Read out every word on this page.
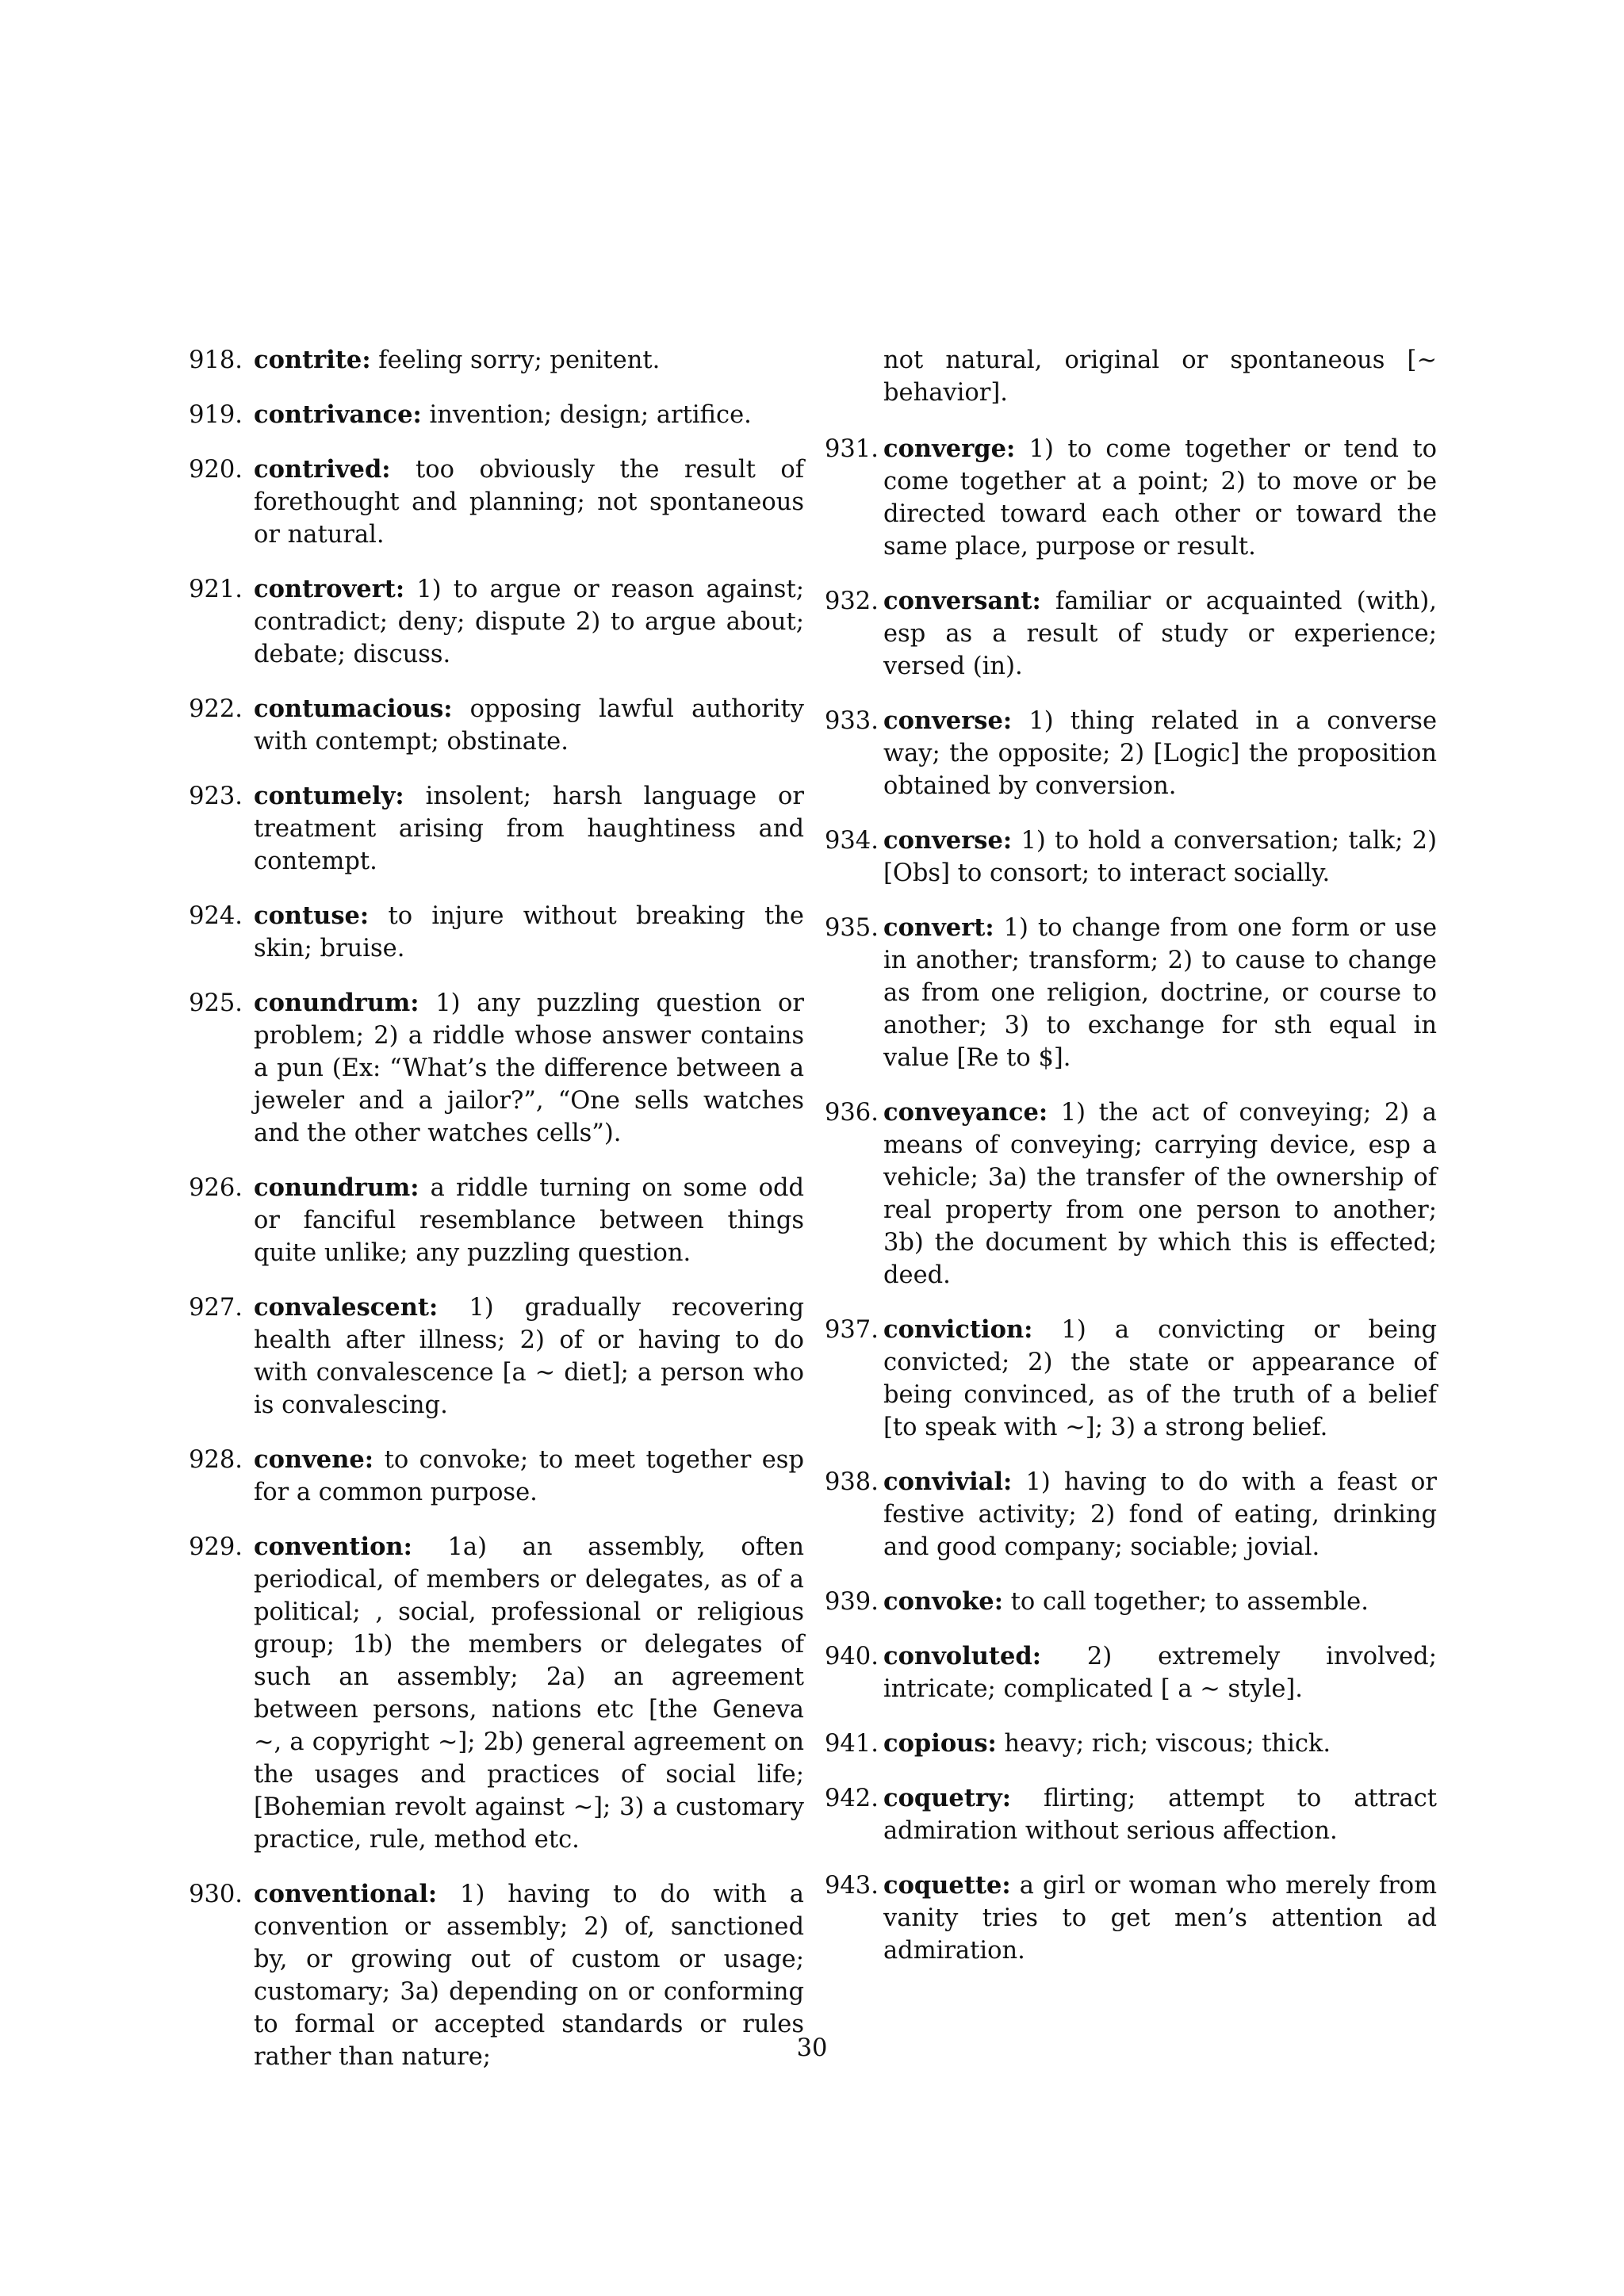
918. contrite: feeling sorry; penitent.
919. contrivance: invention; design; artifice.
920. contrived: too obviously the result of forethought and planning; not spontaneous or natural.
921. controvert: 1) to argue or reason against; contradict; deny; dispute 2) to argue about; debate; discuss.
922. contumacious: opposing lawful authority with contempt; obstinate.
923. contumely: insolent; harsh language or treatment arising from haughtiness and contempt.
924. contuse: to injure without breaking the skin; bruise.
925. conundrum: 1) any puzzling question or problem; 2) a riddle whose answer contains a pun (Ex: “What’s the difference between a jeweler and a jailor?”, “One sells watches and the other watches cells”).
926. conundrum: a riddle turning on some odd or fanciful resemblance between things quite unlike; any puzzling question.
927. convalescent: 1) gradually recovering health after illness; 2) of or having to do with convalescence [a ∼ diet]; a person who is convalescing.
928. convene: to convoke; to meet together esp for a common purpose.
929. convention: 1a) an assembly, often periodical, of members or delegates, as of a political; , social, professional or religious group; 1b) the members or delegates of such an assembly; 2a) an agreement between persons, nations etc [the Geneva ∼, a copyright ∼]; 2b) general agreement on the usages and practices of social life; [Bohemian revolt against ∼]; 3) a customary practice, rule, method etc.
930. conventional: 1) having to do with a convention or assembly; 2) of, sanctioned by, or growing out of custom or usage; customary; 3a) depending on or conforming to formal or accepted standards or rules rather than nature;
not natural, original or spontaneous [∼ behavior].
931. converge: 1) to come together or tend to come together at a point; 2) to move or be directed toward each other or toward the same place, purpose or result.
932. conversant: familiar or acquainted (with), esp as a result of study or experience; versed (in).
933. converse: 1) thing related in a converse way; the opposite; 2) [Logic] the proposition obtained by conversion.
934. converse: 1) to hold a conversation; talk; 2) [Obs] to consort; to interact socially.
935. convert: 1) to change from one form or use in another; transform; 2) to cause to change as from one religion, doctrine, or course to another; 3) to exchange for sth equal in value [Re to $].
936. conveyance: 1) the act of conveying; 2) a means of conveying; carrying device, esp a vehicle; 3a) the transfer of the ownership of real property from one person to another; 3b) the document by which this is effected; deed.
937. conviction: 1) a convicting or being convicted; 2) the state or appearance of being convinced, as of the truth of a belief [to speak with ∼]; 3) a strong belief.
938. convivial: 1) having to do with a feast or festive activity; 2) fond of eating, drinking and good company; sociable; jovial.
939. convoke: to call together; to assemble.
940. convoluted: 2) extremely involved; intricate; complicated [ a ∼ style].
941. copious: heavy; rich; viscous; thick.
942. coquetry: flirting; attempt to attract admiration without serious affection.
943. coquette: a girl or woman who merely from vanity tries to get men’s attention ad admiration.
30
